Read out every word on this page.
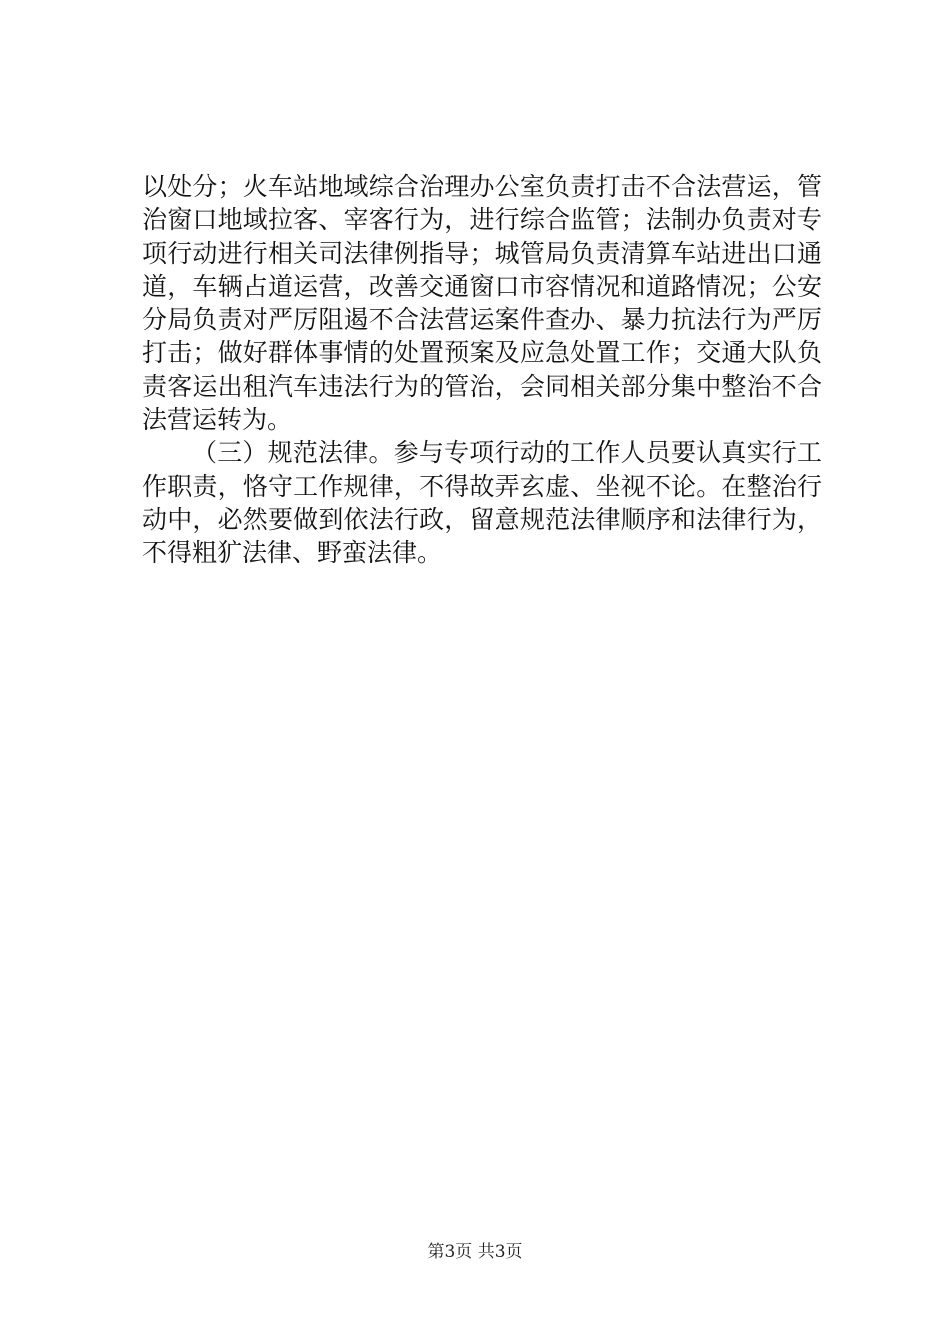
以处分；火车站地域综合治理办公室负责打击不合法营运，管
治窗口地域拉客、宰客行为，进行综合监管；法制办负责对专
项行动进行相关司法律例指导；城管局负责清算车站进出口通
道，车辆占道运营，改善交通窗口市容情况和道路情况；公安
分局负责对严厉阻遏不合法营运案件查办、暴力抗法行为严厉
打击；做好群体事情的处置预案及应急处置工作；交通大队负
责客运出租汽车违法行为的管治，会同相关部分集中整治不合
法营运转为。
（三）规范法律。参与专项行动的工作人员要认真实行工
作职责，恪守工作规律，不得故弄玄虚、坐视不论。在整治行
动中，必然要做到依法行政，留意规范法律顺序和法律行为，
不得粗犷法律、野蛮法律。
第3页 共3页
